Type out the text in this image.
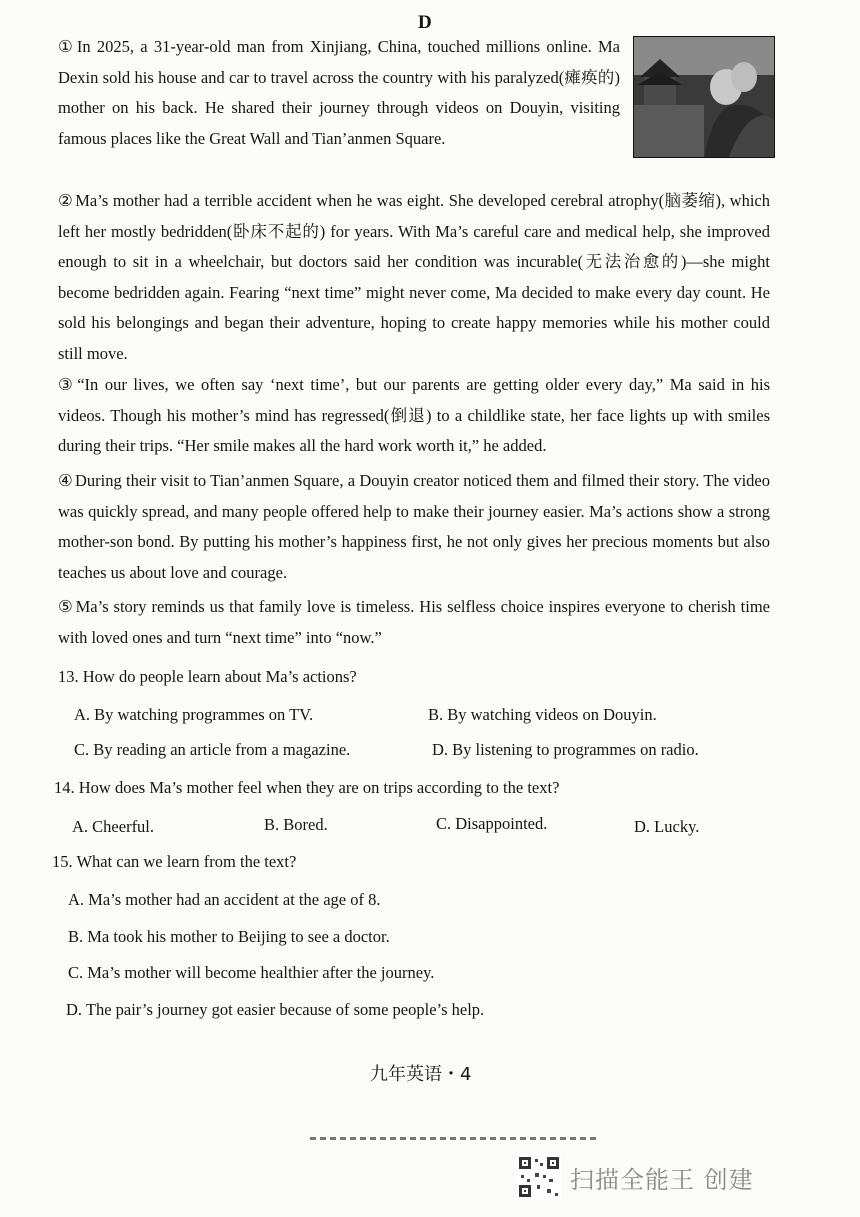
D
① In 2025, a 31-year-old man from Xinjiang, China, touched millions online. Ma Dexin sold his house and car to travel across the country with his paralyzed(瘫痪的) mother on his back. He shared their journey through videos on Douyin, visiting famous places like the Great Wall and Tian’anmen Square.
② Ma’s mother had a terrible accident when he was eight. She developed cerebral atrophy(脑萎缩), which left her mostly bedridden(卧床不起的) for years. With Ma’s careful care and medical help, she improved enough to sit in a wheelchair, but doctors said her condition was incurable(无法治愈的)—she might become bedridden again. Fearing “next time” might never come, Ma decided to make every day count. He sold his belongings and began their adventure, hoping to create happy memories while his mother could still move.
③ “In our lives, we often say ‘next time’, but our parents are getting older every day,” Ma said in his videos. Though his mother’s mind has regressed(倒退) to a childlike state, her face lights up with smiles during their trips. “Her smile makes all the hard work worth it,” he added.
④ During their visit to Tian’anmen Square, a Douyin creator noticed them and filmed their story. The video was quickly spread, and many people offered help to make their journey easier. Ma’s actions show a strong mother-son bond. By putting his mother’s happiness first, he not only gives her precious moments but also teaches us about love and courage.
⑤ Ma’s story reminds us that family love is timeless. His selfless choice inspires everyone to cherish time with loved ones and turn “next time” into “now.”
13. How do people learn about Ma’s actions?
A. By watching programmes on TV.	B. By watching videos on Douyin.
C. By reading an article from a magazine.	D. By listening to programmes on radio.
14. How does Ma’s mother feel when they are on trips according to the text?
A. Cheerful.	B. Bored.	C. Disappointed.	D. Lucky.
15. What can we learn from the text?
A. Ma’s mother had an accident at the age of 8.
B. Ma took his mother to Beijing to see a doctor.
C. Ma’s mother will become healthier after the journey.
D. The pair’s journey got easier because of some people’s help.
九年英语・4
扫描全能王 创建
